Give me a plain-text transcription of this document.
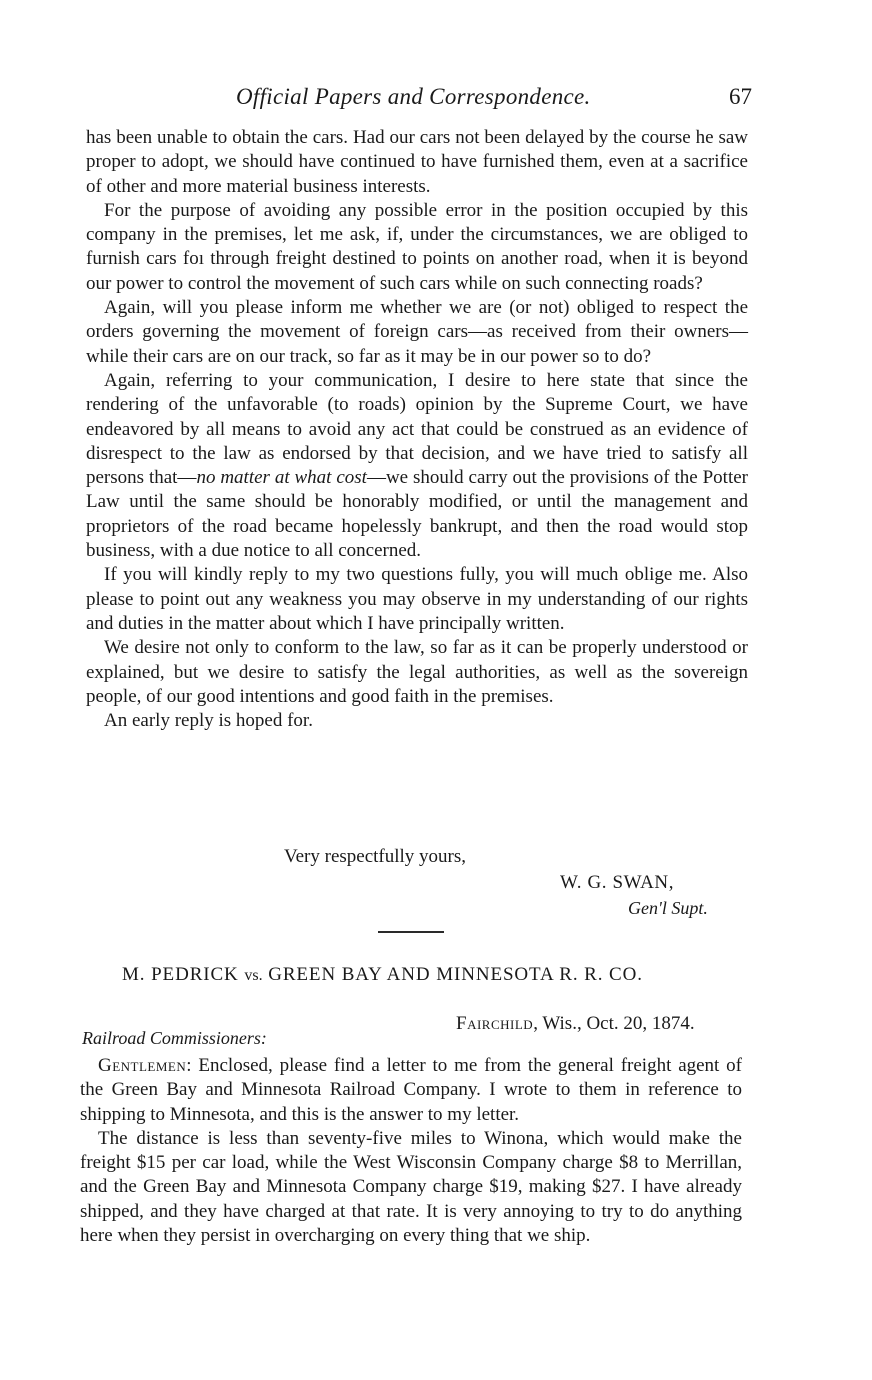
Official Papers and Correspondence.	67

has been unable to obtain the cars. Had our cars not been delayed by the course he saw proper to adopt, we should have continued to have furnished them, even at a sacrifice of other and more material business interests.

For the purpose of avoiding any possible error in the position occupied by this company in the premises, let me ask, if, under the circumstances, we are obliged to furnish cars foı through freight destined to points on another road, when it is beyond our power to control the movement of such cars while on such connecting roads?

Again, will you please inform me whether we are (or not) obliged to respect the orders governing the movement of foreign cars—as received from their owners—while their cars are on our track, so far as it may be in our power so to do?

Again, referring to your communication, I desire to here state that since the rendering of the unfavorable (to roads) opinion by the Supreme Court, we have endeavored by all means to avoid any act that could be construed as an evidence of disrespect to the law as endorsed by that decision, and we have tried to satisfy all persons that—no matter at what cost—we should carry out the provisions of the Potter Law until the same should be honorably modified, or until the management and proprietors of the road became hopelessly bankrupt, and then the road would stop business, with a due notice to all concerned.

If you will kindly reply to my two questions fully, you will much oblige me. Also please to point out any weakness you may observe in my understanding of our rights and duties in the matter about which I have principally written.

We desire not only to conform to the law, so far as it can be properly understood or explained, but we desire to satisfy the legal authorities, as well as the sovereign people, of our good intentions and good faith in the premises.

An early reply is hoped for.

Very respectfully yours,
W. G. SWAN,
Gen'l Supt.
M. PEDRICK vs. GREEN BAY AND MINNESOTA R. R. CO.
Fairchild, Wis., Oct. 20, 1874.
Railroad Commissioners:

Gentlemen: Enclosed, please find a letter to me from the general freight agent of the Green Bay and Minnesota Railroad Company. I wrote to them in reference to shipping to Minnesota, and this is the answer to my letter.

The distance is less than seventy-five miles to Winona, which would make the freight $15 per car load, while the West Wisconsin Company charge $8 to Merrillan, and the Green Bay and Minnesota Company charge $19, making $27. I have already shipped, and they have charged at that rate. It is very annoying to try to do anything here when they persist in overcharging on every thing that we ship.
